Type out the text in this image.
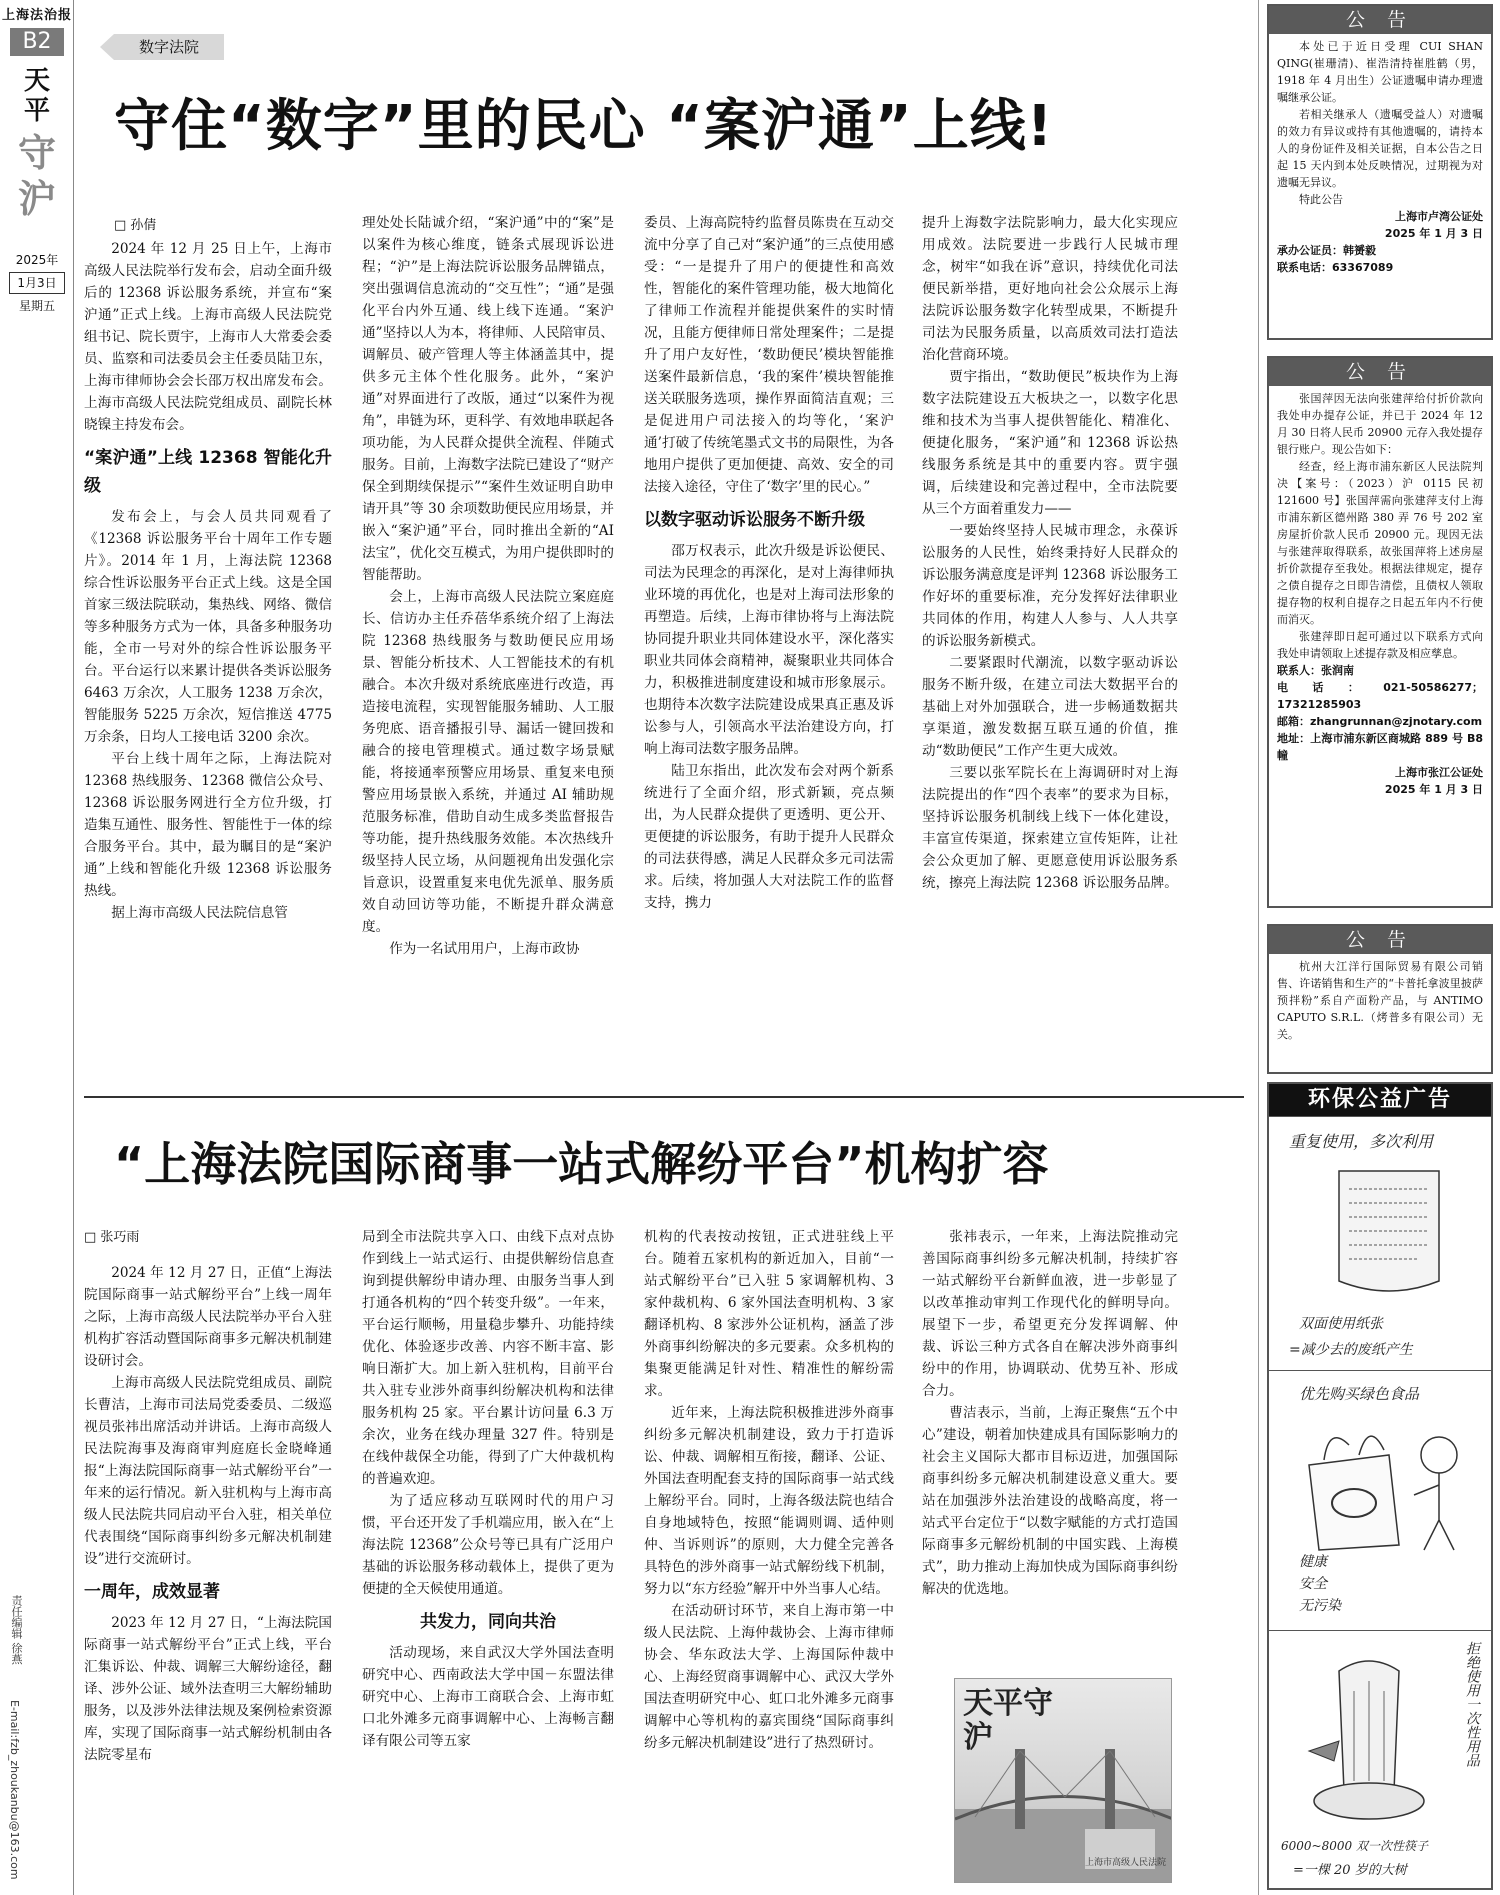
上海法治报
B2
天平
守沪
2025年
1月3日
星期五
责任编辑 徐燕
E-mail:fzb_zhoukanbu@163.com
数字法院
守住“数字”里的民心 “案沪通”上线!
□ 孙倩

2024 年 12 月 25 日上午，上海市高级人民法院举行发布会，启动全面升级后的 12368 诉讼服务系统，并宣布“案沪通”正式上线。上海市高级人民法院党组书记、院长贾宇，上海市人大常委会委员、监察和司法委员会主任委员陆卫东，上海市律师协会会长邵万权出席发布会。上海市高级人民法院党组成员、副院长林晓镍主持发布会。

“案沪通”上线 12368 智能化升级

发布会上，与会人员共同观看了《12368 诉讼服务平台十周年工作专题片》。2014 年 1 月，上海法院 12368 综合性诉讼服务平台正式上线。这是全国首家三级法院联动，集热线、网络、微信等多种服务方式为一体，具备多种服务功能，全市一号对外的综合性诉讼服务平台。平台运行以来累计提供各类诉讼服务 6463 万余次，人工服务 1238 万余次，智能服务 5225 万余次，短信推送 4775 万余条，日均人工接电话 3200 余次。

平台上线十周年之际，上海法院对 12368 热线服务、12368 微信公众号、12368 诉讼服务网进行全方位升级，打造集互通性、服务性、智能性于一体的综合服务平台。其中，最为瞩目的是“案沪通”上线和智能化升级 12368 诉讼服务热线。

据上海市高级人民法院信息管

理处处长陆诚介绍，“案沪通”中的“案”是以案件为核心维度，链条式展现诉讼进程；“沪”是上海法院诉讼服务品牌锚点，突出强调信息流动的“交互性”；“通”是强化平台内外互通、线上线下连通。“案沪通”坚持以人为本，将律师、人民陪审员、调解员、破产管理人等主体涵盖其中，提供多元主体个性化服务。此外，“案沪通”对界面进行了改版，通过“以案件为视角”，串链为环，更科学、有效地串联起各项功能，为人民群众提供全流程、伴随式服务。目前，上海数字法院已建设了“财产保全到期续保提示”“案件生效证明自助申请开具”等 30 余项数助便民应用场景，并嵌入“案沪通”平台，同时推出全新的“AI 法宝”，优化交互模式，为用户提供即时的智能帮助。

会上，上海市高级人民法院立案庭庭长、信访办主任乔蓓华系统介绍了上海法院 12368 热线服务与数助便民应用场景、智能分析技术、人工智能技术的有机融合。本次升级对系统底座进行改造，再造接电流程，实现智能服务辅助、人工服务兜底、语音播报引导、漏话一键回拨和融合的接电管理模式。通过数字场景赋能，将接通率预警应用场景、重复来电预警应用场景嵌入系统，并通过 AI 辅助规范服务标准，借助自动生成多类监督报告等功能，提升热线服务效能。本次热线升级坚持人民立场，从问题视角出发强化宗旨意识，设置重复来电优先派单、服务质效自动回访等功能，不断提升群众满意度。

作为一名试用用户，上海市政协

委员、上海高院特约监督员陈贵在互动交流中分享了自己对“案沪通”的三点使用感受：“一是提升了用户的便捷性和高效性，智能化的案件管理功能，极大地简化了律师工作流程并能提供案件的实时情况，且能方便律师日常处理案件；二是提升了用户友好性，‘数助便民’模块智能推送案件最新信息，‘我的案件’模块智能推送关联服务选项，操作界面简洁直观；三是促进用户司法接入的均等化，‘案沪通’打破了传统笔墨式文书的局限性，为各地用户提供了更加便捷、高效、安全的司法接入途径，守住了‘数字’里的民心。”

以数字驱动诉讼服务不断升级

邵万权表示，此次升级是诉讼便民、司法为民理念的再深化，是对上海律师执业环境的再优化，也是对上海司法形象的再塑造。后续，上海市律协将与上海法院协同提升职业共同体建设水平，深化落实职业共同体会商精神，凝聚职业共同体合力，积极推进制度建设和城市形象展示。也期待本次数字法院建设成果真正惠及诉讼参与人，引领高水平法治建设方向，打响上海司法数字服务品牌。

陆卫东指出，此次发布会对两个新系统进行了全面介绍，形式新颖，亮点频出，为人民群众提供了更透明、更公开、更便捷的诉讼服务，有助于提升人民群众的司法获得感，满足人民群众多元司法需求。后续，将加强人大对法院工作的监督支持，携力

提升上海数字法院影响力，最大化实现应用成效。法院要进一步践行人民城市理念，树牢“如我在诉”意识，持续优化司法便民新举措，更好地向社会公众展示上海法院诉讼服务数字化转型成果，不断提升司法为民服务质量，以高质效司法打造法治化营商环境。

贾宇指出，“数助便民”板块作为上海数字法院建设五大板块之一，以数字化思维和技术为当事人提供智能化、精准化、便捷化服务，“案沪通”和 12368 诉讼热线服务系统是其中的重要内容。贾宇强调，后续建设和完善过程中，全市法院要从三个方面着重发力——

一要始终坚持人民城市理念，永葆诉讼服务的人民性，始终秉持好人民群众的诉讼服务满意度是评判 12368 诉讼服务工作好坏的重要标准，充分发挥好法律职业共同体的作用，构建人人参与、人人共享的诉讼服务新模式。

二要紧跟时代潮流，以数字驱动诉讼服务不断升级，在建立司法大数据平台的基础上对外加强联合，进一步畅通数据共享渠道，激发数据互联互通的价值，推动“数助便民”工作产生更大成效。

三要以张军院长在上海调研时对上海法院提出的作“四个表率”的要求为目标，坚持诉讼服务机制线上线下一体化建设，丰富宣传渠道，探索建立宣传矩阵，让社会公众更加了解、更愿意使用诉讼服务系统，擦亮上海法院 12368 诉讼服务品牌。

“上海法院国际商事一站式解纷平台”机构扩容
□ 张巧雨

2024 年 12 月 27 日，正值“上海法院国际商事一站式解纷平台”上线一周年之际，上海市高级人民法院举办平台入驻机构扩容活动暨国际商事多元解决机制建设研讨会。

上海市高级人民法院党组成员、副院长曹洁，上海市司法局党委委员、二级巡视员张祎出席活动并讲话。上海市高级人民法院海事及海商审判庭庭长金晓峰通报“上海法院国际商事一站式解纷平台”一年来的运行情况。新入驻机构与上海市高级人民法院共同启动平台入驻，相关单位代表围绕“国际商事纠纷多元解决机制建设”进行交流研讨。

一周年，成效显著

2023 年 12 月 27 日，“上海法院国际商事一站式解纷平台”正式上线，平台汇集诉讼、仲裁、调解三大解纷途径，翻译、涉外公证、域外法查明三大解纷辅助服务，以及涉外法律法规及案例检索资源库，实现了国际商事一站式解纷机制由各法院零星布

局到全市法院共享入口、由线下点对点协作到线上一站式运行、由提供解纷信息查询到提供解纷申请办理、由服务当事人到打通各机构的“四个转变升级”。一年来，平台运行顺畅，用量稳步攀升、功能持续优化、体验逐步改善、内容不断丰富、影响日渐扩大。加上新入驻机构，目前平台共入驻专业涉外商事纠纷解决机构和法律服务机构 25 家。平台累计访问量 6.3 万余次，业务在线办理量 327 件。特别是在线仲裁保全功能，得到了广大仲裁机构的普遍欢迎。

为了适应移动互联网时代的用户习惯，平台还开发了手机端应用，嵌入在“上海法院 12368”公众号等已具有广泛用户基础的诉讼服务移动载体上，提供了更为便捷的全天候使用通道。

共发力，同向共治

活动现场，来自武汉大学外国法查明研究中心、西南政法大学中国－东盟法律研究中心、上海市工商联合会、上海市虹口北外滩多元商事调解中心、上海畅言翻译有限公司等五家

机构的代表按动按钮，正式进驻线上平台。随着五家机构的新近加入，目前“一站式解纷平台”已入驻 5 家调解机构、3 家仲裁机构、6 家外国法查明机构、3 家翻译机构、8 家涉外公证机构，涵盖了涉外商事纠纷解决的多元要素。众多机构的集聚更能满足针对性、精准性的解纷需求。

近年来，上海法院积极推进涉外商事纠纷多元解决机制建设，致力于打造诉讼、仲裁、调解相互衔接，翻译、公证、外国法查明配套支持的国际商事一站式线上解纷平台。同时，上海各级法院也结合自身地域特色，按照“能调则调、适仲则仲、当诉则诉”的原则，大力健全完善各具特色的涉外商事一站式解纷线下机制，努力以“东方经验”解开中外当事人心结。

在活动研讨环节，来自上海市第一中级人民法院、上海仲裁协会、上海市律师协会、华东政法大学、上海国际仲裁中心、上海经贸商事调解中心、武汉大学外国法查明研究中心、虹口北外滩多元商事调解中心等机构的嘉宾围绕“国际商事纠纷多元解决机制建设”进行了热烈研讨。

张祎表示，一年来，上海法院推动完善国际商事纠纷多元解决机制，持续扩容一站式解纷平台新鲜血液，进一步彰显了以改革推动审判工作现代化的鲜明导向。展望下一步，希望更充分发挥调解、仲裁、诉讼三种方式各自在解决涉外商事纠纷中的作用，协调联动、优势互补、形成合力。

曹洁表示，当前，上海正聚焦“五个中心”建设，朝着加快建成具有国际影响力的社会主义国际大都市目标迈进，加强国际商事纠纷多元解决机制建设意义重大。要站在加强涉外法治建设的战略高度，将一站式平台定位于“以数字赋能的方式打造国际商事多元解纷机制的中国实践、上海模式”，助力推动上海加快成为国际商事纠纷解决的优选地。

天平守沪
上海市高级人民法院
公 告

本处已于近日受理 CUI SHAN QING(崔珊清)、崔浩清持崔胜鹤（男，1918 年 4 月出生）公证遗嘱申请办理遗嘱继承公证。

若相关继承人（遗嘱受益人）对遗嘱的效力有异议或持有其他遗嘱的，请持本人的身份证件及相关证据，自本公告之日起 15 天内到本处反映情况，过期视为对遗嘱无异议。

特此公告

上海市卢湾公证处

2025 年 1 月 3 日

承办公证员：韩赟毅

联系电话：63367089

公 告

张国萍因无法向张建萍给付折价款向我处申办提存公证，并已于 2024 年 12 月 30 日将人民币 20900 元存入我处提存银行账户。现公告如下：

经查，经上海市浦东新区人民法院判决【案号：（2023）沪 0115 民初 121600 号】张国萍需向张建萍支付上海市浦东新区德州路 380 弄 76 号 202 室房屋折价款人民币 20900 元。现因无法与张建萍取得联系，故张国萍将上述房屋折价款提存至我处。根据法律规定，提存之债自提存之日即告清偿，且债权人领取提存物的权利自提存之日起五年内不行使而消灭。

张建萍即日起可通过以下联系方式向我处申请领取上述提存款及相应孳息。

联系人：张润南

电话：021-50586277；17321285903

邮箱：zhangrunnan@zjnotary.com

地址：上海市浦东新区商城路 889 号 B8 幢

上海市张江公证处

2025 年 1 月 3 日

公 告

杭州大江洋行国际贸易有限公司销售、许诺销售和生产的“卡普托拿波里披萨预拌粉”系自产面粉产品，与 ANTIMO CAPUTO S.R.L.（烤普多有限公司）无关。

环保公益广告
重复使用，多次利用
双面使用纸张
=减少去的废纸产生
优先购买绿色食品
健康
安全
无污染
拒绝使用一次性用品
6000~8000 双一次性筷子
=一棵 20 岁的大树
